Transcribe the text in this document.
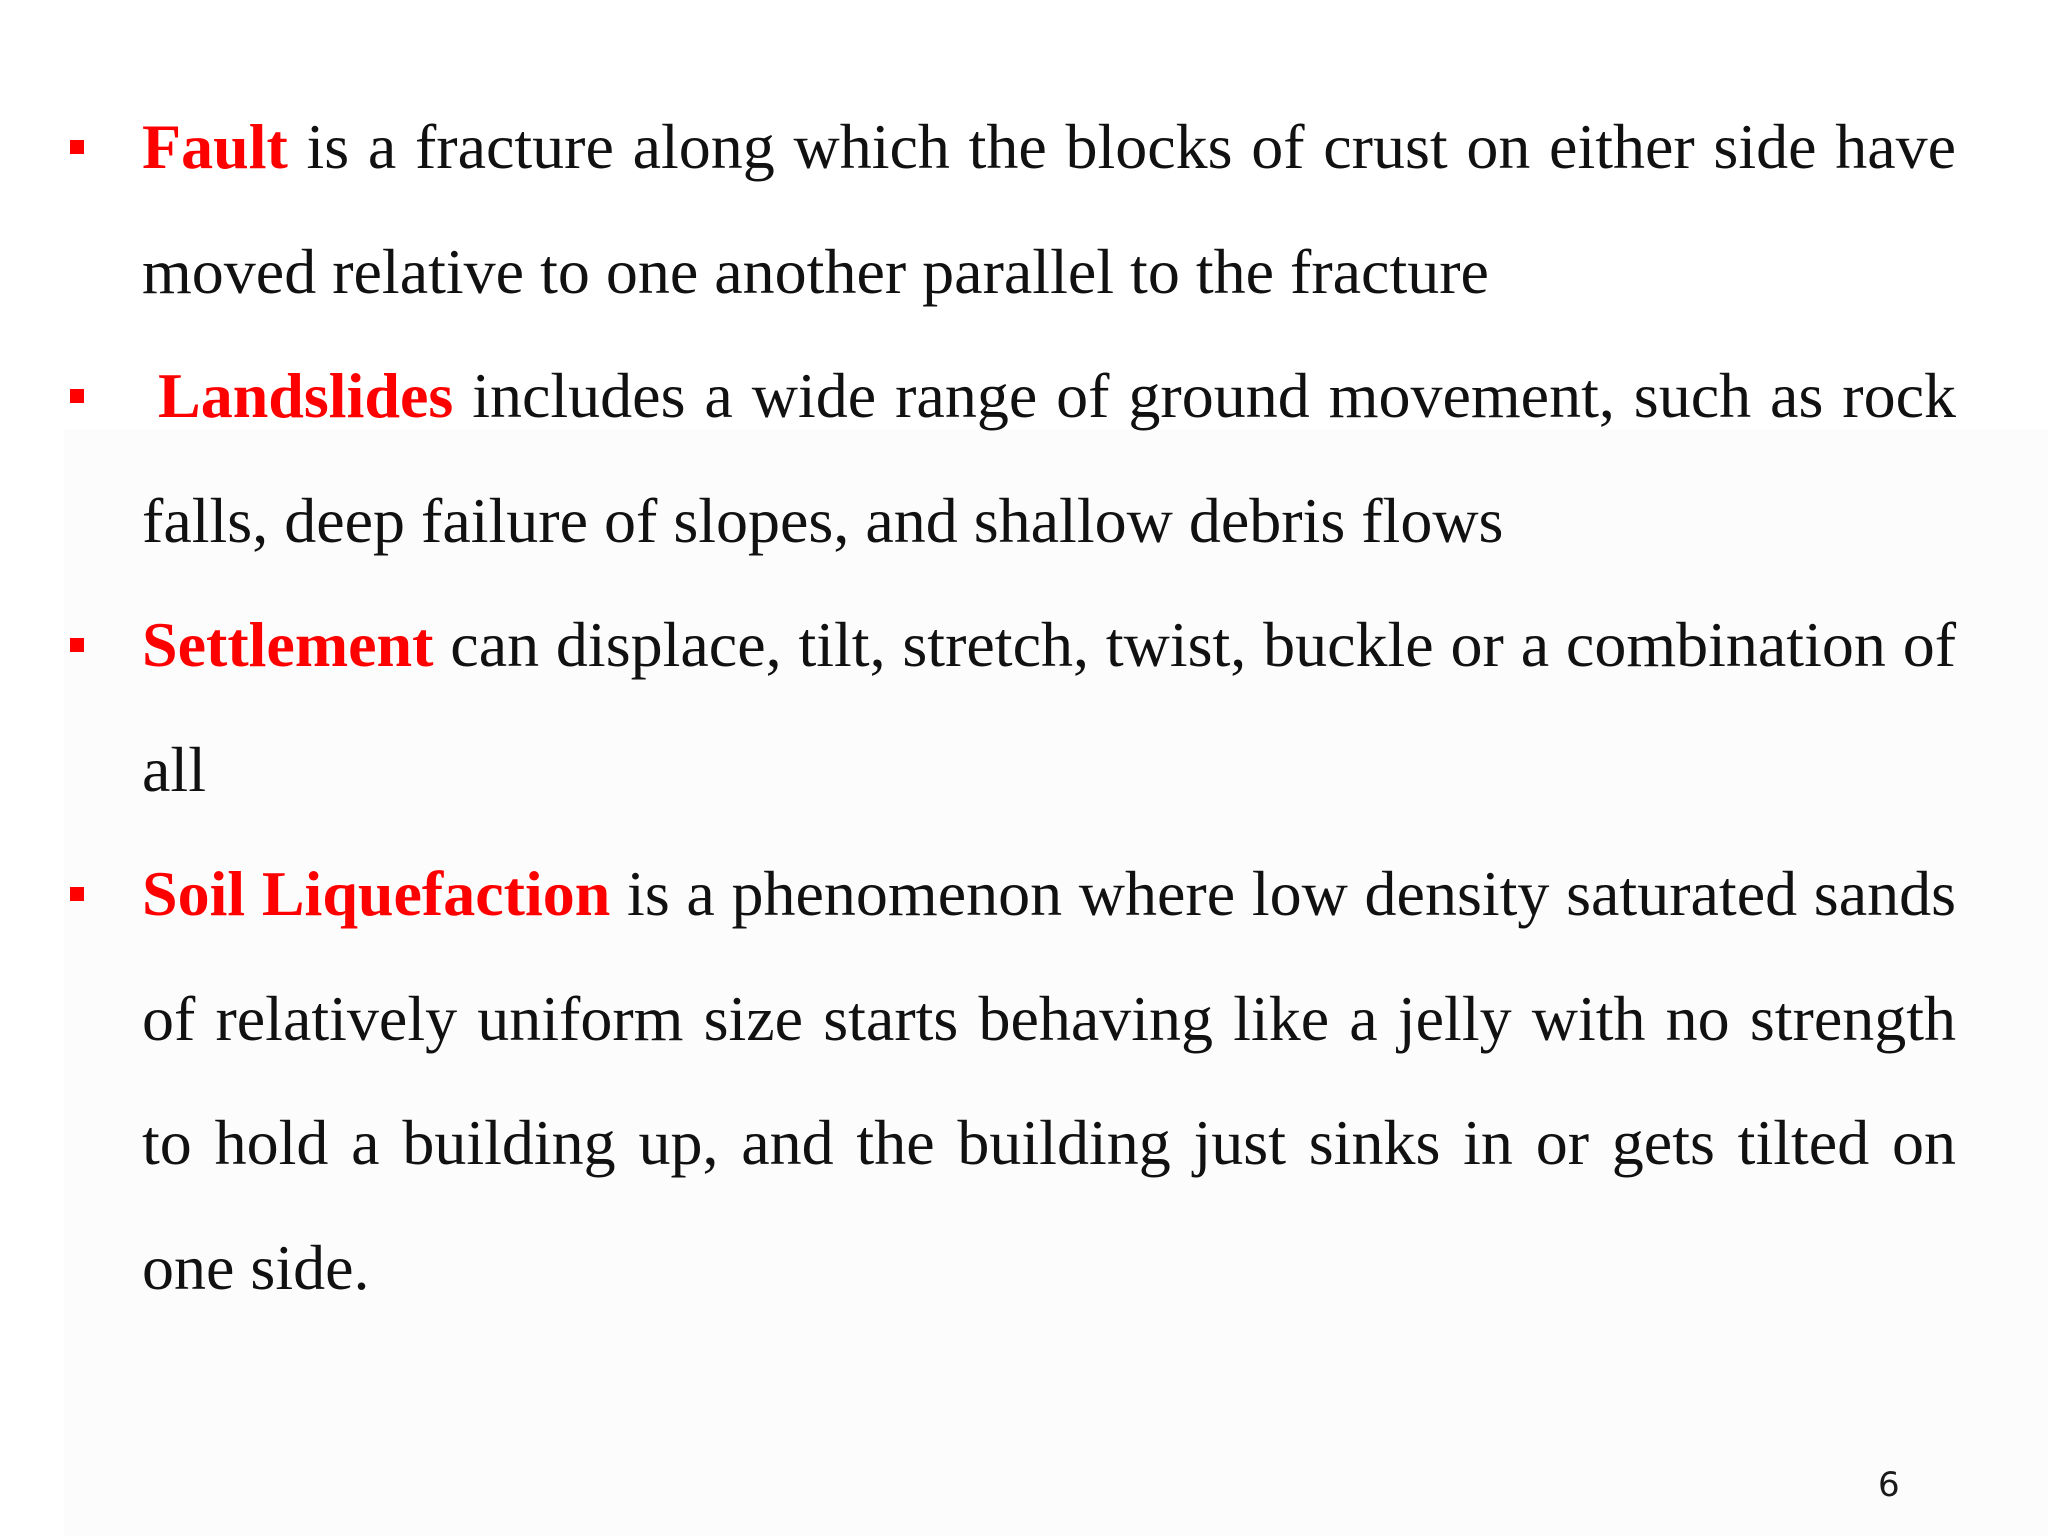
Fault is a fracture along which the blocks of crust on either side have moved relative to one another parallel to the fracture
Landslides includes a wide range of ground movement, such as rock falls, deep failure of slopes, and shallow debris flows
Settlement can displace, tilt, stretch, twist, buckle or a combination of all
Soil Liquefaction is a phenomenon where low density saturated sands of relatively uniform size starts behaving like a jelly with no strength to hold a building up, and the building just sinks in or gets tilted on one side.
6
